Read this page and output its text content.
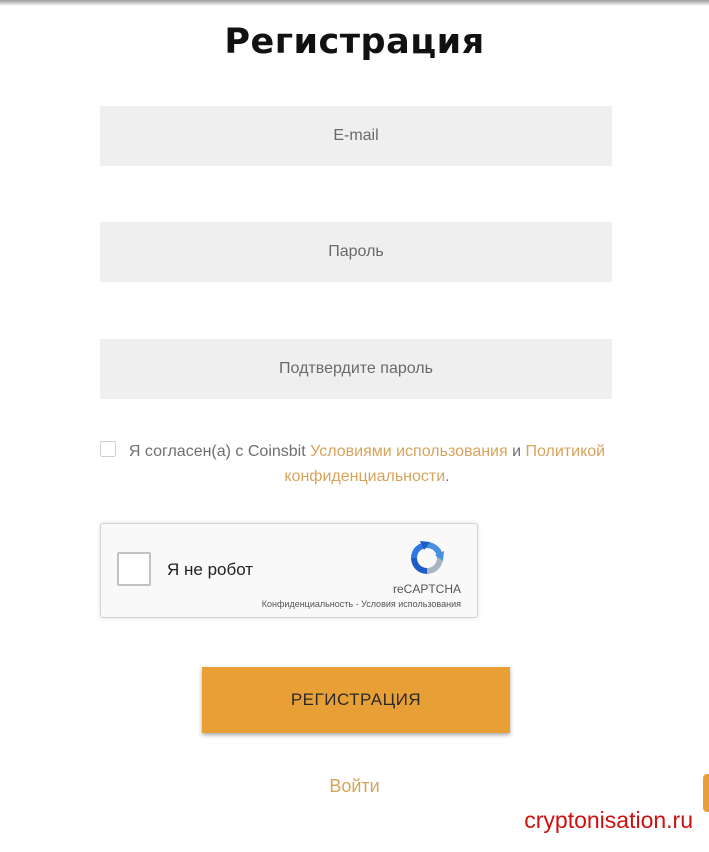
Регистрация
E-mail
Я согласен(а) с Coinsbit Условиями использования и Политикой конфиденциальности.
Я не робот
reCAPTCHA
Конфиденциальность - Условия использования
РЕГИСТРАЦИЯ
Войти
cryptonisation.ru
